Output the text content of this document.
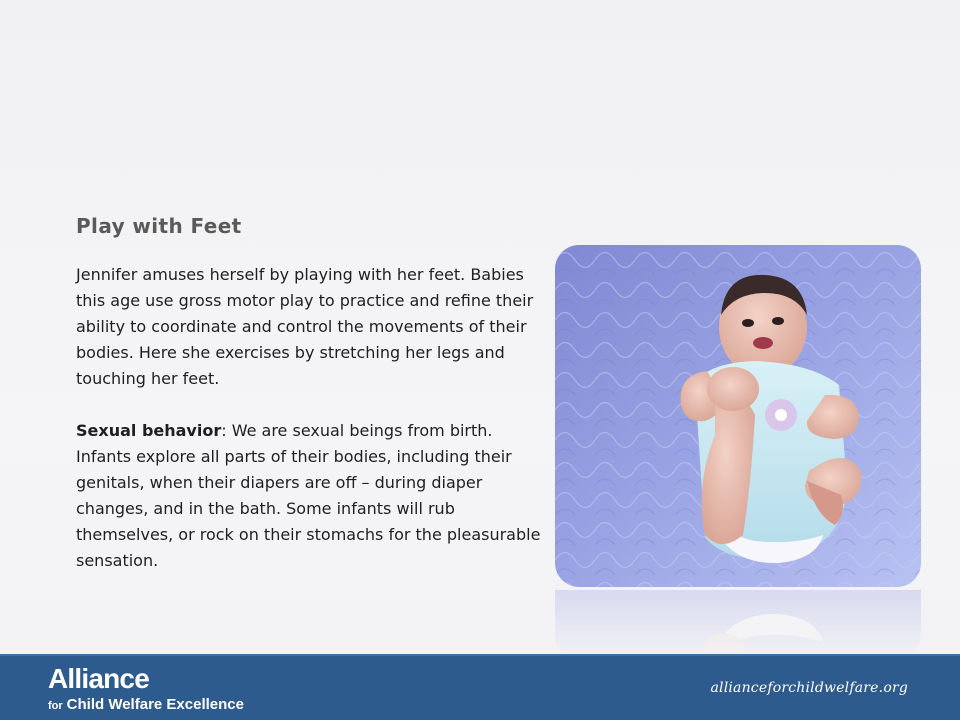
Play with Feet

Jennifer amuses herself by playing with her feet. Babies this age use gross motor play to practice and refine their ability to coordinate and control the movements of their bodies. Here she exercises by stretching her legs and touching her feet.

Sexual behavior: We are sexual beings from birth. Infants explore all parts of their bodies, including their genitals, when their diapers are off – during diaper changes, and in the bath. Some infants will rub themselves, or rock on their stomachs for the pleasurable sensation.

Alliance
for Child Welfare Excellence
allianceforchildwelfare.org
